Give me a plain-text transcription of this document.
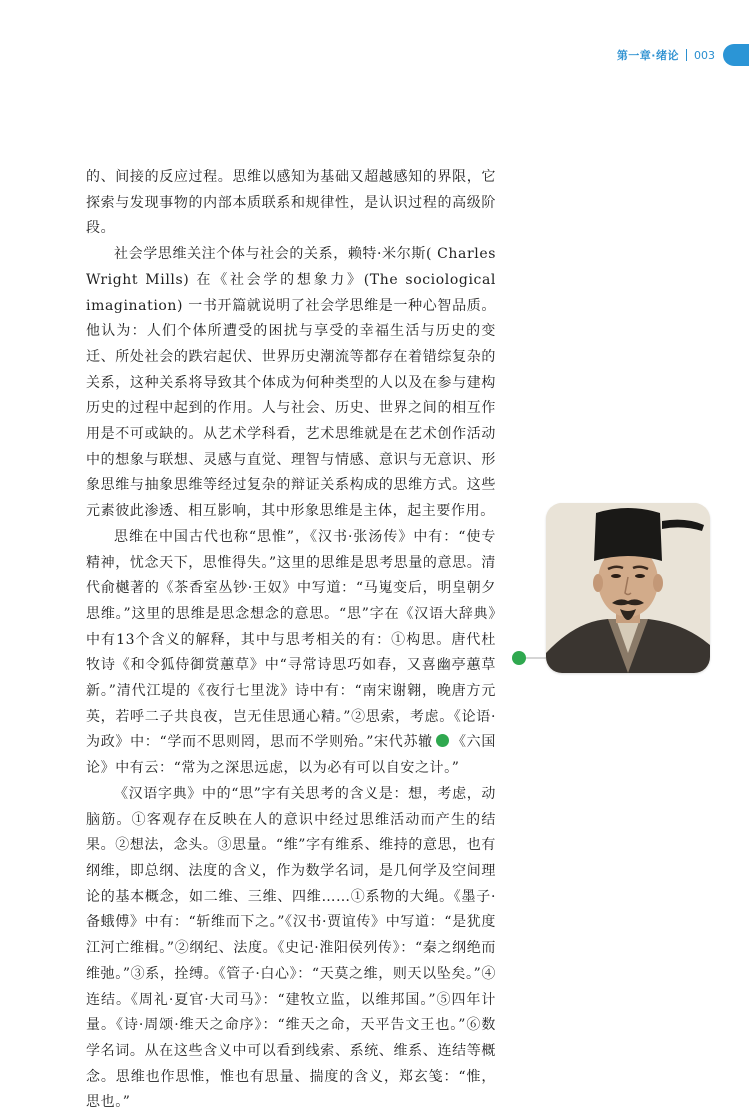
第一章·绪论 003

的、间接的反应过程。思维以感知为基础又超越感知的界限，它探索与发现事物的内部本质联系和规律性，是认识过程的高级阶段。

社会学思维关注个体与社会的关系，赖特·米尔斯( Charles Wright Mills) 在《社会学的想象力》(The sociological imagination) 一书开篇就说明了社会学思维是一种心智品质。他认为：人们个体所遭受的困扰与享受的幸福生活与历史的变迁、所处社会的跌宕起伏、世界历史潮流等都存在着错综复杂的关系，这种关系将导致其个体成为何种类型的人以及在参与建构历史的过程中起到的作用。人与社会、历史、世界之间的相互作用是不可或缺的。从艺术学科看，艺术思维就是在艺术创作活动中的想象与联想、灵感与直觉、理智与情感、意识与无意识、形象思维与抽象思维等经过复杂的辩证关系构成的思维方式。这些元素彼此渗透、相互影响，其中形象思维是主体，起主要作用。

思维在中国古代也称“思惟”，《汉书·张汤传》中有：“使专精神，忧念天下，思惟得失。”这里的思维是思考思量的意思。清代俞樾著的《茶香室丛钞·王奴》中写道：“马嵬变后，明皇朝夕思维。”这里的思维是思念想念的意思。“思”字在《汉语大辞典》中有13个含义的解释，其中与思考相关的有：①构思。唐代杜牧诗《和令狐侍御赏蕙草》中“寻常诗思巧如春，又喜幽亭蕙草新。”清代江堤的《夜行七里泷》诗中有：“南宋谢翱，晚唐方元英，若呼二子共良夜，岂无佳思通心精。”②思索，考虑。《论语·为政》中：“学而不思则罔，思而不学则殆。”宋代苏辙 《六国论》中有云：“常为之深思远虑，以为必有可以自安之计。”

《汉语字典》中的“思”字有关思考的含义是：想，考虑，动脑筋。①客观存在反映在人的意识中经过思维活动而产生的结果。②想法，念头。③思量。“维”字有维系、维持的意思，也有纲维，即总纲、法度的含义，作为数学名词，是几何学及空间理论的基本概念，如二维、三维、四维……①系物的大绳。《墨子·备蛾傅》中有：“斩维而下之。”《汉书·贾谊传》中写道：“是犹度江河亡维楫。”②纲纪、法度。《史记·淮阳侯列传》：“秦之纲绝而维弛。”③系，拴缚。《管子·白心》：“天莫之维，则天以坠矣。”④连结。《周礼·夏官·大司马》：“建牧立监，以维邦国。”⑤四年计量。《诗·周颂·维天之命序》：“维天之命，天平告文王也。”⑥数学名词。从在这些含义中可以看到线索、系统、维系、连结等概念。思维也作思惟，惟也有思量、揣度的含义，郑玄笺：“惟，思也。”
